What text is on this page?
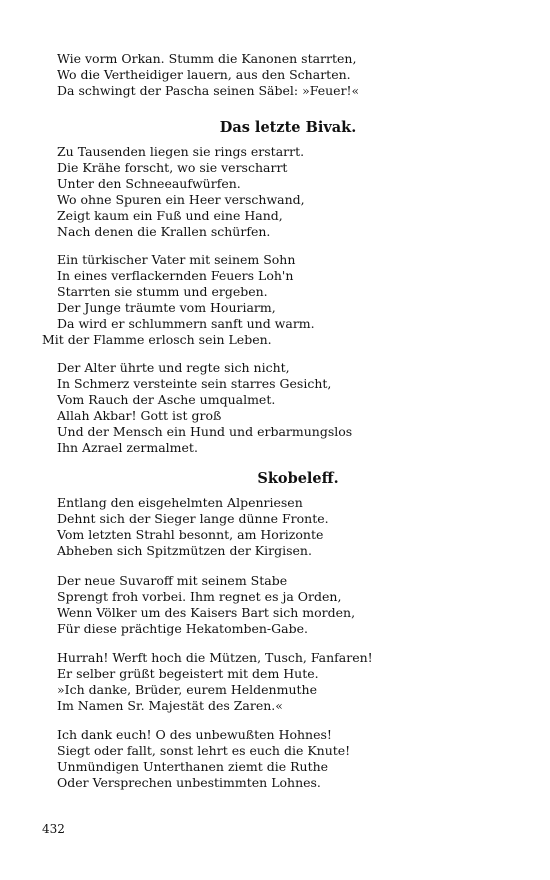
Wie vorm Orkan. Stumm die Kanonen starrten,
Wo die Vertheidiger lauern, aus den Scharten.
Da schwingt der Pascha seinen Säbel: »Feuer!«
Das letzte Bivak.
Zu Tausenden liegen sie rings erstarrt.
Die Krähe forscht, wo sie verscharrt
Unter den Schneeaufwürfen.
Wo ohne Spuren ein Heer verschwand,
Zeigt kaum ein Fuß und eine Hand,
Nach denen die Krallen schürfen.
Ein türkischer Vater mit seinem Sohn
In eines verflackernden Feuers Loh'n
Starrten sie stumm und ergeben.
Der Junge träumte vom Houriarm,
Da wird er schlummern sanft und warm.
Mit der Flamme erlosch sein Leben.
Der Alter ührte und regte sich nicht,
In Schmerz versteinte sein starres Gesicht,
Vom Rauch der Asche umqualmet.
Allah Akbar! Gott ist groß
Und der Mensch ein Hund und erbarmungslos
Ihn Azrael zermalmet.
Skobeleff.
Entlang den eisgehelmten Alpenriesen
Dehnt sich der Sieger lange dünne Fronte.
Vom letzten Strahl besonnt, am Horizonte
Abheben sich Spitzmützen der Kirgisen.
Der neue Suvaroff mit seinem Stabe
Sprengt froh vorbei. Ihm regnet es ja Orden,
Wenn Völker um des Kaisers Bart sich morden,
Für diese prächtige Hekatomben-Gabe.
Hurrah! Werft hoch die Mützen, Tusch, Fanfaren!
Er selber grüßt begeistert mit dem Hute.
»Ich danke, Brüder, eurem Heldenmuthe
Im Namen Sr. Majestät des Zaren.«
Ich dank euch! O des unbewußten Hohnes!
Siegt oder fallt, sonst lehrt es euch die Knute!
Unmündigen Unterthanen ziemt die Ruthe
Oder Versprechen unbestimmten Lohnes.
432
